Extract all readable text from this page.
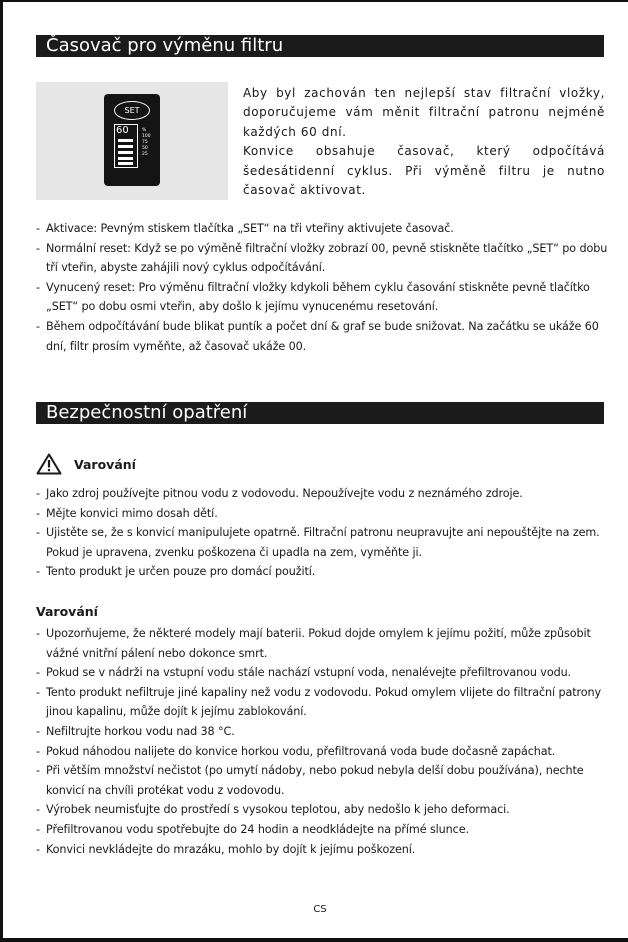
Časovač pro výměnu filtru
SET
60	%
100
75
50
25

Aby byl zachován ten nejlepší stav filtrační vložky, doporučujeme vám měnit filtrační patronu nejméně každých 60 dní.

Konvice obsahuje časovač, který odpočítává šedesátidenní cyklus. Při výměně filtru je nutno časovač aktivovat.

- Aktivace: Pevným stiskem tlačítka „SET“ na tři vteřiny aktivujete časovač.
- Normální reset: Když se po výměně filtrační vložky zobrazí 00, pevně stiskněte tlačítko „SET“ po dobu tří vteřin, abyste zahájili nový cyklus odpočítávání.
- Vynucený reset: Pro výměnu filtrační vložky kdykoli během cyklu časování stiskněte pevně tlačítko „SET“ po dobu osmi vteřin, aby došlo k jejímu vynucenému resetování.
- Během odpočítávání bude blikat puntík a počet dní & graf se bude snižovat. Na začátku se ukáže 60 dní, filtr prosím vyměňte, až časovač ukáže 00.
Bezpečnostní opatření
Varování
- Jako zdroj používejte pitnou vodu z vodovodu. Nepoužívejte vodu z neznámého zdroje.
- Mějte konvici mimo dosah dětí.
- Ujistěte se, že s konvicí manipulujete opatrně. Filtrační patronu neupravujte ani nepouštějte na zem. Pokud je upravena, zvenku poškozena či upadla na zem, vyměňte ji.
- Tento produkt je určen pouze pro domácí použití.
Varování
- Upozorňujeme, že některé modely mají baterii. Pokud dojde omylem k jejímu požití, může způsobit vážné vnitřní pálení nebo dokonce smrt.
- Pokud se v nádrži na vstupní vodu stále nachází vstupní voda, nenalévejte přefiltrovanou vodu.
- Tento produkt nefiltruje jiné kapaliny než vodu z vodovodu. Pokud omylem vlijete do filtrační patrony jinou kapalinu, může dojít k jejímu zablokování.
- Nefiltrujte horkou vodu nad 38 °C.
- Pokud náhodou nalijete do konvice horkou vodu, přefiltrovaná voda bude dočasně zapáchat.
- Při větším množství nečistot (po umytí nádoby, nebo pokud nebyla delší dobu používána), nechte konvicí na chvíli protékat vodu z vodovodu.
- Výrobek neumisťujte do prostředí s vysokou teplotou, aby nedošlo k jeho deformaci.
- Přefiltrovanou vodu spotřebujte do 24 hodin a neodkládejte na přímé slunce.
- Konvici nevkládejte do mrazáku, mohlo by dojít k jejímu poškození.
CS
